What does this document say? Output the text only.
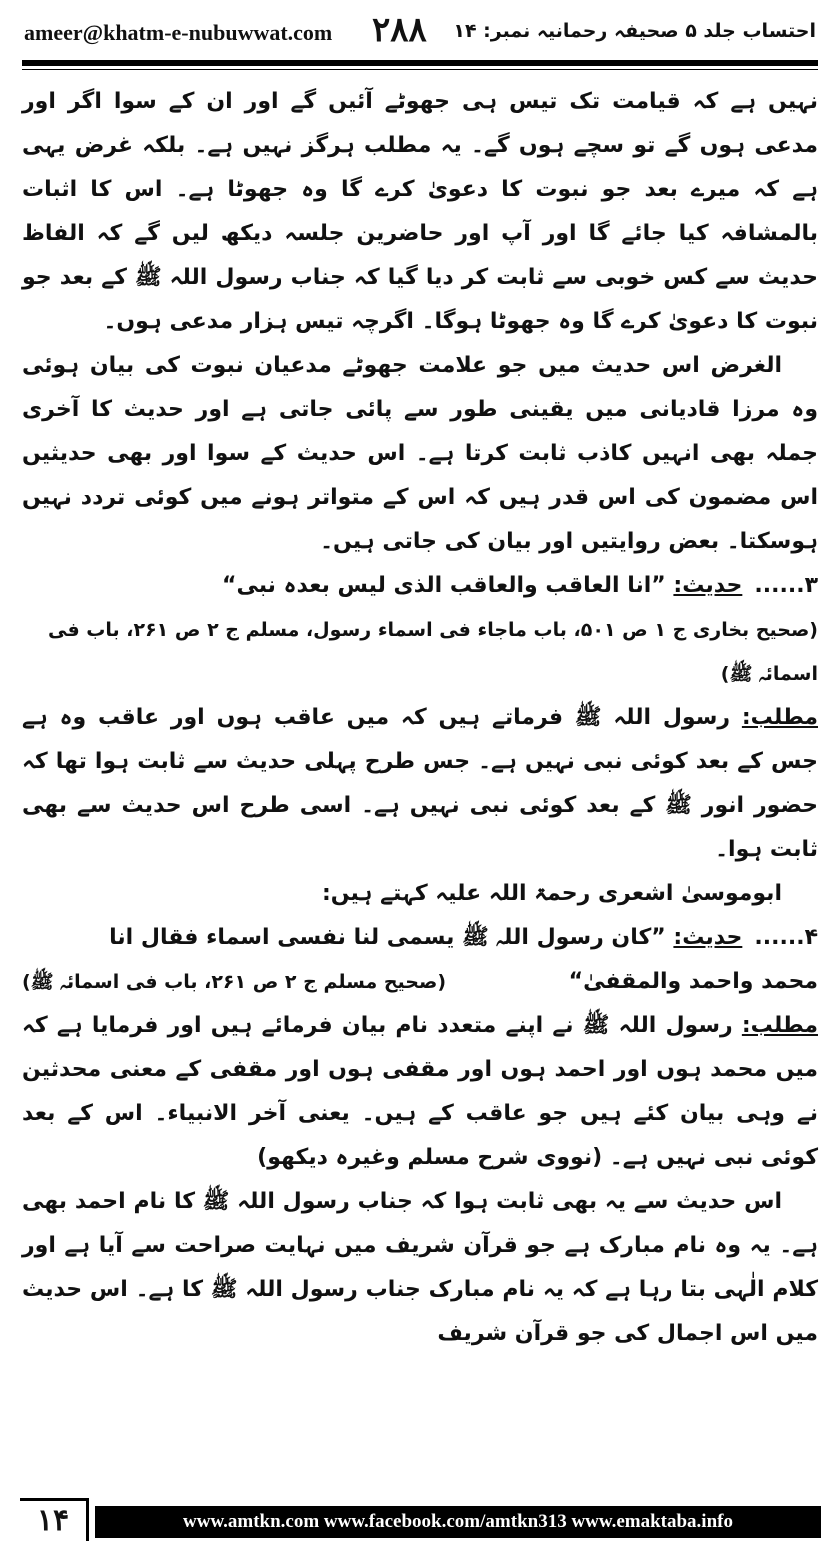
ameer@khatm-e-nubuwwat.com ۲۸۸ احتساب جلد ۵ صحیفہ رحمانیہ نمبر: ۱۴

نہیں ہے کہ قیامت تک تیس ہی جھوٹے آئیں گے اور ان کے سوا اگر اور مدعی ہوں گے تو سچے ہوں گے۔ یہ مطلب ہرگز نہیں ہے۔ بلکہ غرض یہی ہے کہ میرے بعد جو نبوت کا دعویٰ کرے گا وہ جھوٹا ہے۔ اس کا اثبات بالمشافہ کیا جائے گا اور آپ اور حاضرین جلسہ دیکھ لیں گے کہ الفاظ حدیث سے کس خوبی سے ثابت کر دیا گیا کہ جناب رسول اللہ ﷺ کے بعد جو نبوت کا دعویٰ کرے گا وہ جھوٹا ہوگا۔ اگرچہ تیس ہزار مدعی ہوں۔

الغرض اس حدیث میں جو علامت جھوٹے مدعیان نبوت کی بیان ہوئی وہ مرزا قادیانی میں یقینی طور سے پائی جاتی ہے اور حدیث کا آخری جملہ بھی انہیں کاذب ثابت کرتا ہے۔ اس حدیث کے سوا اور بھی حدیثیں اس مضمون کی اس قدر ہیں کہ اس کے متواتر ہونے میں کوئی تردد نہیں ہوسکتا۔ بعض روایتیں اور بیان کی جاتی ہیں۔

۳...... حدیث: ”انا العاقب والعاقب الذی لیس بعدہ نبی“

(صحیح بخاری ج ۱ ص ۵۰۱، باب ماجاء فی اسماء رسول، مسلم ج ۲ ص ۲۶۱، باب فی اسمائہ ﷺ)

مطلب: رسول اللہ ﷺ فرماتے ہیں کہ میں عاقب ہوں اور عاقب وہ ہے جس کے بعد کوئی نبی نہیں ہے۔ جس طرح پہلی حدیث سے ثابت ہوا تھا کہ حضور انور ﷺ کے بعد کوئی نبی نہیں ہے۔ اسی طرح اس حدیث سے بھی ثابت ہوا۔

ابوموسیٰ اشعری رحمۃ اللہ علیہ کہتے ہیں:

۴...... حدیث: ”کان رسول اللہ ﷺ یسمی لنا نفسی اسماء فقال انا

محمد واحمد والمقفیٰ“
(صحیح مسلم ج ۲ ص ۲۶۱، باب فی اسمائہ ﷺ)

مطلب: رسول اللہ ﷺ نے اپنے متعدد نام بیان فرمائے ہیں اور فرمایا ہے کہ میں محمد ہوں اور احمد ہوں اور مقفی ہوں اور مقفی کے معنی محدثین نے وہی بیان کئے ہیں جو عاقب کے ہیں۔ یعنی آخر الانبیاء۔ اس کے بعد کوئی نبی نہیں ہے۔ (نووی شرح مسلم وغیرہ دیکھو)

اس حدیث سے یہ بھی ثابت ہوا کہ جناب رسول اللہ ﷺ کا نام احمد بھی ہے۔ یہ وہ نام مبارک ہے جو قرآن شریف میں نہایت صراحت سے آیا ہے اور کلام الٰہی بتا رہا ہے کہ یہ نام مبارک جناب رسول اللہ ﷺ کا ہے۔ اس حدیث میں اس اجمال کی جو قرآن شریف

۱۴	www.amtkn.com www.facebook.com/amtkn313 www.emaktaba.info
